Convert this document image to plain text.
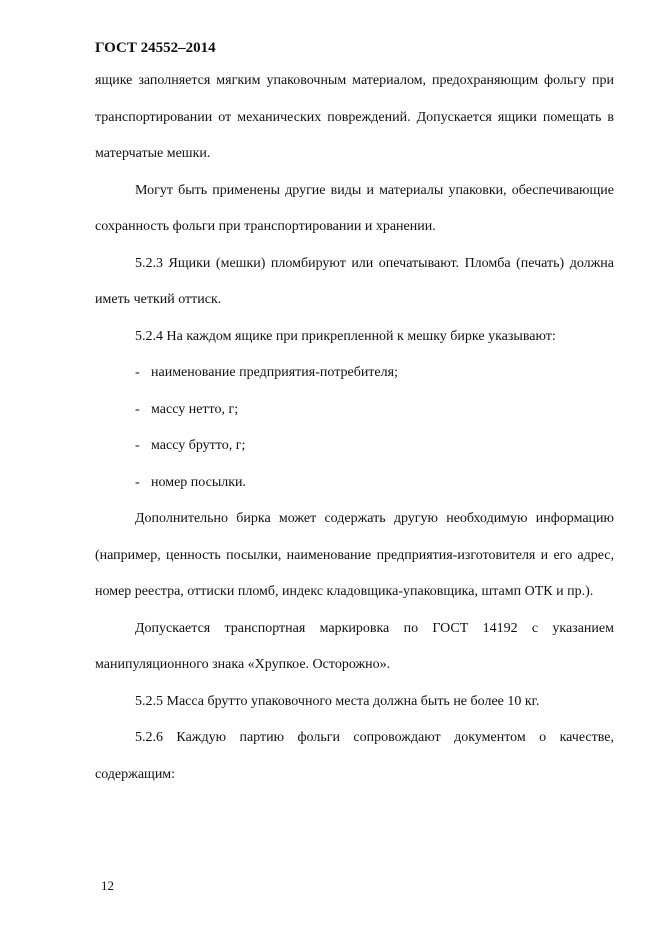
ГОСТ 24552–2014

ящике заполняется мягким упаковочным материалом, предохраняющим фольгу при транспортировании от механических повреждений. Допускается ящики помещать в матерчатые мешки.

Могут быть применены другие виды и материалы упаковки, обеспечивающие сохранность фольги при транспортировании и хранении.

5.2.3 Ящики (мешки) пломбируют или опечатывают. Пломба (печать) должна иметь четкий оттиск.

5.2.4 На каждом ящике при прикрепленной к мешку бирке указывают:

- наименование предприятия-потребителя;
- массу нетто, г;
- массу брутто, г;
- номер посылки.

Дополнительно бирка может содержать другую необходимую информацию (например, ценность посылки, наименование предприятия-изготовителя и его адрес, номер реестра, оттиски пломб, индекс кладовщика-упаковщика, штамп ОТК и пр.).

Допускается транспортная маркировка по ГОСТ 14192 с указанием манипуляционного знака «Хрупкое. Осторожно».

5.2.5 Масса брутто упаковочного места должна быть не более 10 кг.

5.2.6 Каждую партию фольги сопровождают документом о качестве, содержащим:

12
